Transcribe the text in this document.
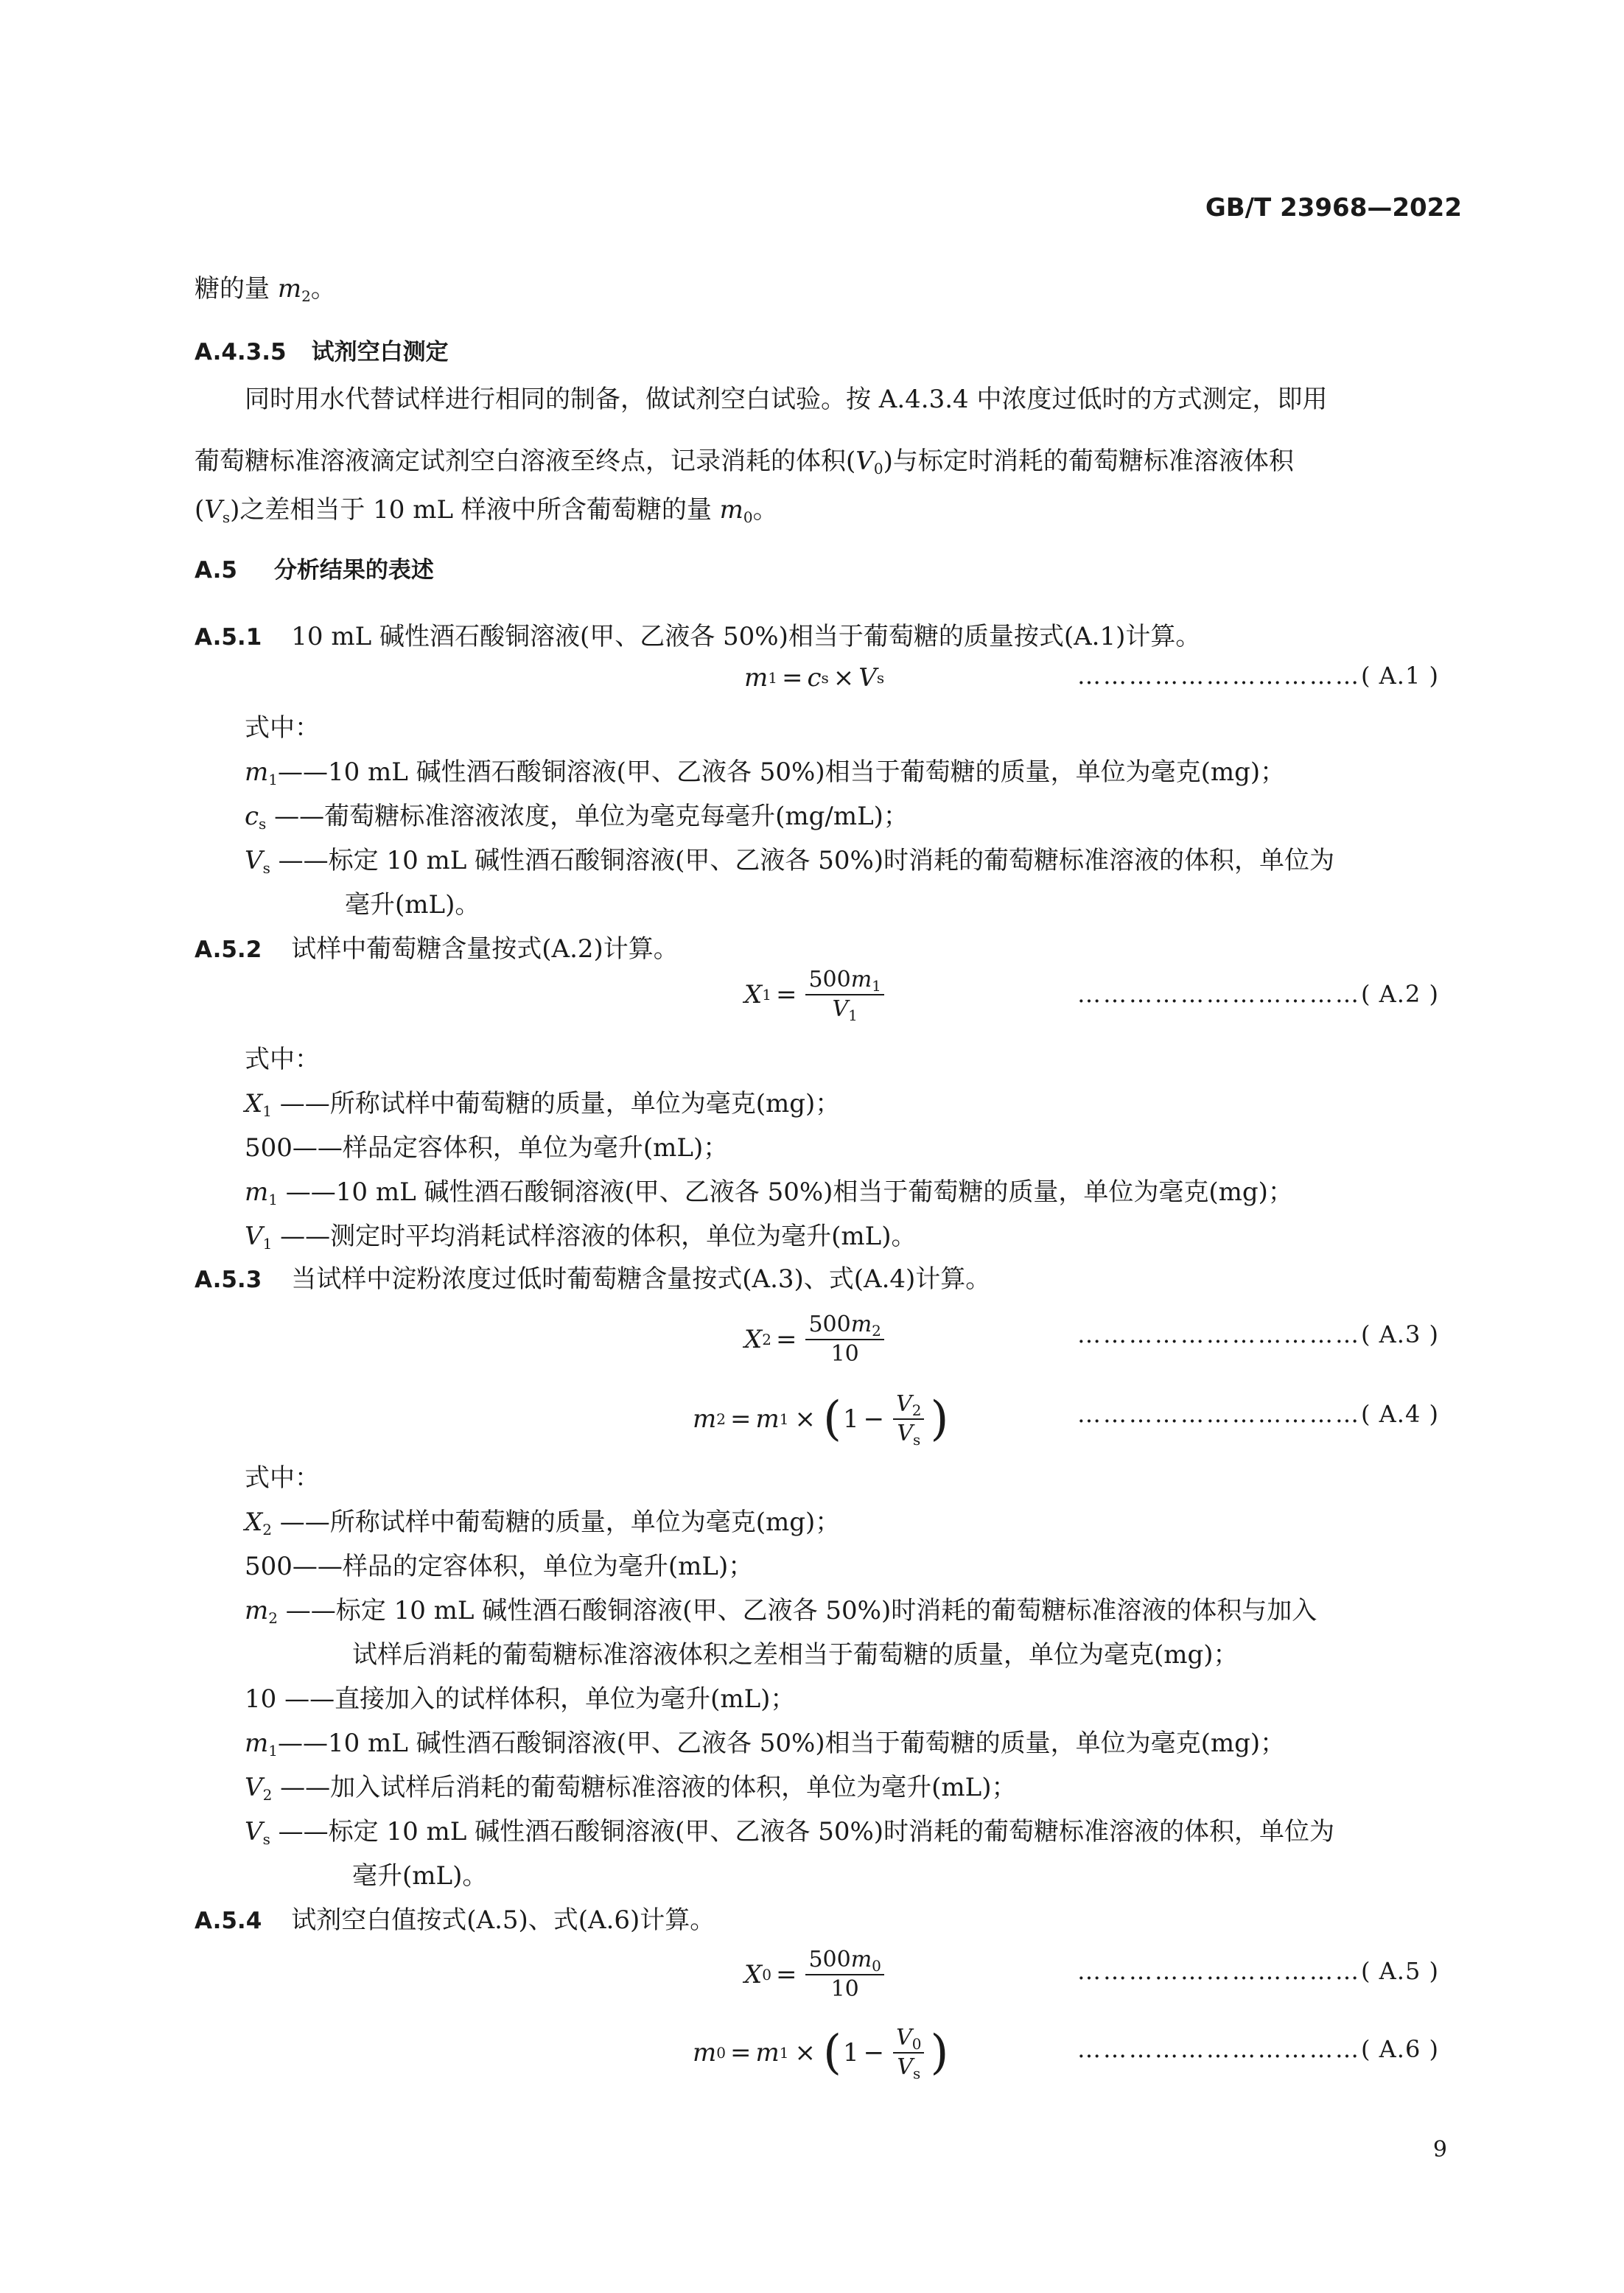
GB/T 23968—2022
糖的量 $m_2$。
A.4.3.5 试剂空白测定
同时用水代替试样进行相同的制备，做试剂空白试验。按 A.4.3.4 中浓度过低时的方式测定，即用
葡萄糖标准溶液滴定试剂空白溶液至终点，记录消耗的体积$(V_0)$与标定时消耗的葡萄糖标准溶液体积
$(V_s)$之差相当于 10 mL 样液中所含葡萄糖的量 $m_0$。
A.5 分析结果的表述
A.5.1 10 mL 碱性酒石酸铜溶液(甲、乙液各 50%)相当于葡萄糖的质量按式(A.1)计算。
m 1 = c s × V s	……………………………( A.1 )
式中：
$m_1——10$ mL 碱性酒石酸铜溶液(甲、乙液各 50%)相当于葡萄糖的质量，单位为毫克(mg)；
$c_s$ ——葡萄糖标准溶液浓度，单位为毫克每毫升(mg/mL)；
$V_s$ ——标定 10 mL 碱性酒石酸铜溶液(甲、乙液各 50%)时消耗的葡萄糖标准溶液的体积，单位为
毫升(mL)。
A.5.2 试样中葡萄糖含量按式(A.2)计算。
X $1 = \frac{500m_1}{V_1}$	……………………………( A.2 )
式中：
$X_1$ ——所称试样中葡萄糖的质量，单位为毫克(mg)；
500——样品定容体积，单位为毫升(mL)；
$m_1$ ——10 mL 碱性酒石酸铜溶液(甲、乙液各 50%)相当于葡萄糖的质量，单位为毫克(mg)；
$V_1$ ——测定时平均消耗试样溶液的体积，单位为毫升(mL)。
A.5.3 当试样中淀粉浓度过低时葡萄糖含量按式(A.3)、式(A.4)计算。
X $2 = \frac{500m_2}{10}$	……………………………( A.3 )
m 2 = m 1 × ( $1 - \frac{V_2}{V_s}$ )	……………………………( A.4 )
式中：
$X_2$ ——所称试样中葡萄糖的质量，单位为毫克(mg)；
500——样品的定容体积，单位为毫升(mL)；
$m_2$ ——标定 10 mL 碱性酒石酸铜溶液(甲、乙液各 50%)时消耗的葡萄糖标准溶液的体积与加入
试样后消耗的葡萄糖标准溶液体积之差相当于葡萄糖的质量，单位为毫克(mg)；
10 ——直接加入的试样体积，单位为毫升(mL)；
$m_1——10$ mL 碱性酒石酸铜溶液(甲、乙液各 50%)相当于葡萄糖的质量，单位为毫克(mg)；
$V_2$ ——加入试样后消耗的葡萄糖标准溶液的体积，单位为毫升(mL)；
$V_s$ ——标定 10 mL 碱性酒石酸铜溶液(甲、乙液各 50%)时消耗的葡萄糖标准溶液的体积，单位为
毫升(mL)。
A.5.4 试剂空白值按式(A.5)、式(A.6)计算。
X $0 = \frac{500m_0}{10}$	……………………………( A.5 )
m 0 = m 1 × ( $1 - \frac{V_0}{V_s}$ )	……………………………( A.6 )
9
